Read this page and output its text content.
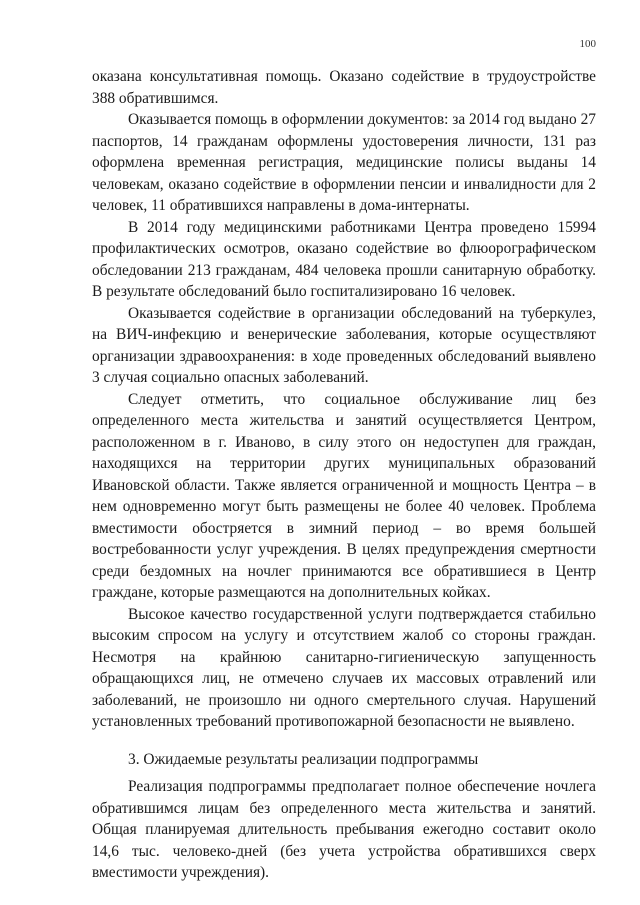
100

оказана консультативная помощь. Оказано содействие в трудоустройстве 388 обратившимся.

Оказывается помощь в оформлении документов: за 2014 год выдано 27 паспортов, 14 гражданам оформлены удостоверения личности, 131 раз оформлена временная регистрация, медицинские полисы выданы 14 человекам, оказано содействие в оформлении пенсии и инвалидности для 2 человек, 11 обратившихся направлены в дома-интернаты.

В 2014 году медицинскими работниками Центра проведено 15994 профилактических осмотров, оказано содействие во флюорографическом обследовании 213 гражданам, 484 человека прошли санитарную обработку. В результате обследований было госпитализировано 16 человек.

Оказывается содействие в организации обследований на туберкулез, на ВИЧ-инфекцию и венерические заболевания, которые осуществляют организации здравоохранения: в ходе проведенных обследований выявлено 3 случая социально опасных заболеваний.

Следует отметить, что социальное обслуживание лиц без определенного места жительства и занятий осуществляется Центром, расположенном в г. Иваново, в силу этого он недоступен для граждан, находящихся на территории других муниципальных образований Ивановской области. Также является ограниченной и мощность Центра – в нем одновременно могут быть размещены не более 40 человек. Проблема вместимости обостряется в зимний период – во время большей востребованности услуг учреждения. В целях предупреждения смертности среди бездомных на ночлег принимаются все обратившиеся в Центр граждане, которые размещаются на дополнительных койках.

Высокое качество государственной услуги подтверждается стабильно высоким спросом на услугу и отсутствием жалоб со стороны граждан. Несмотря на крайнюю санитарно-гигиеническую запущенность обращающихся лиц, не отмечено случаев их массовых отравлений или заболеваний, не произошло ни одного смертельного случая. Нарушений установленных требований противопожарной безопасности не выявлено.

3. Ожидаемые результаты реализации подпрограммы

Реализация подпрограммы предполагает полное обеспечение ночлега обратившимся лицам без определенного места жительства и занятий. Общая планируемая длительность пребывания ежегодно составит около 14,6 тыс. человеко-дней (без учета устройства обратившихся сверх вместимости учреждения).
